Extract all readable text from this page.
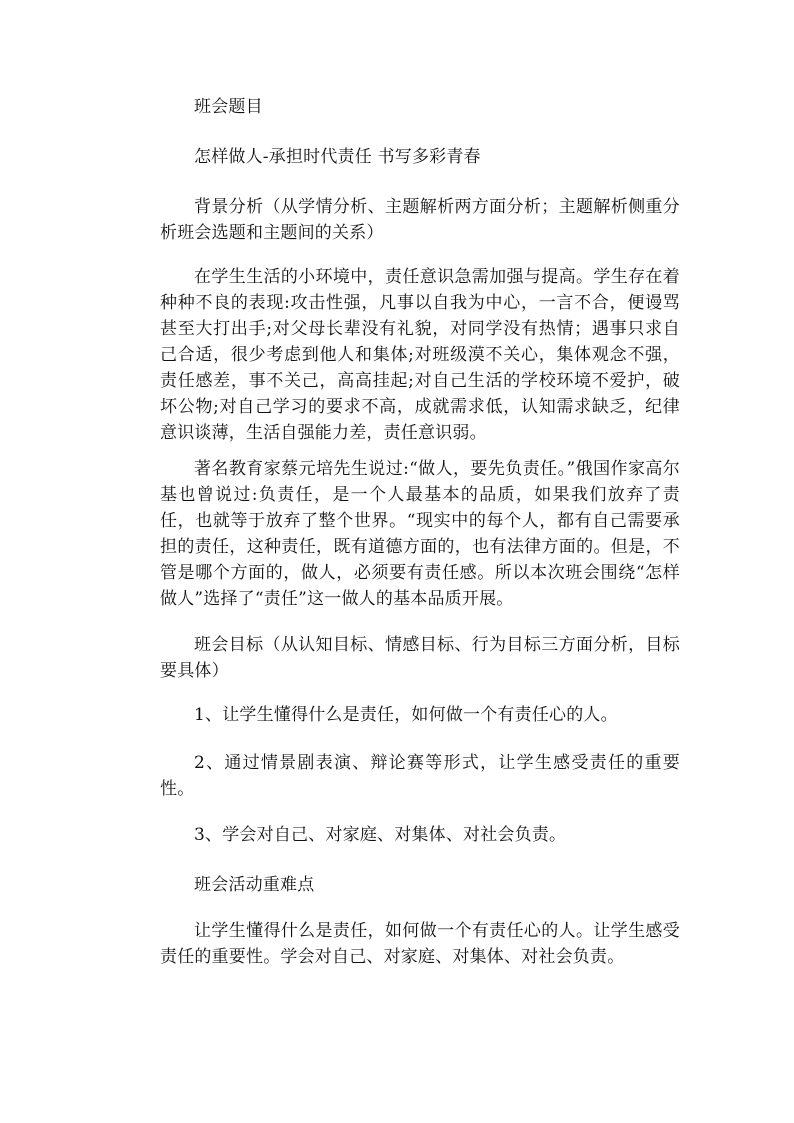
班会题目

怎样做人-承担时代责任 书写多彩青春

背景分析（从学情分析、主题解析两方面分析；主题解析侧重分析班会选题和主题间的关系）

在学生生活的小环境中，责任意识急需加强与提高。学生存在着种种不良的表现:攻击性强，凡事以自我为中心，一言不合，便谩骂甚至大打出手;对父母长辈没有礼貌，对同学没有热情；遇事只求自己合适，很少考虑到他人和集体;对班级漠不关心，集体观念不强，责任感差，事不关己，高高挂起;对自己生活的学校环境不爱护，破坏公物;对自己学习的要求不高，成就需求低，认知需求缺乏，纪律意识谈薄，生活自强能力差，责任意识弱。

著名教育家蔡元培先生说过:“做人，要先负责任。”俄国作家高尔基也曾说过:负责任，是一个人最基本的品质，如果我们放弃了责任，也就等于放弃了整个世界。“现实中的每个人，都有自己需要承担的责任，这种责任，既有道德方面的，也有法律方面的。但是，不管是哪个方面的，做人，必须要有责任感。所以本次班会围绕“怎样做人”选择了“责任”这一做人的基本品质开展。

班会目标（从认知目标、情感目标、行为目标三方面分析，目标要具体）

1、让学生懂得什么是责任，如何做一个有责任心的人。

2、通过情景剧表演、辩论赛等形式，让学生感受责任的重要性。

3、学会对自己、对家庭、对集体、对社会负责。

班会活动重难点

让学生懂得什么是责任，如何做一个有责任心的人。让学生感受责任的重要性。学会对自己、对家庭、对集体、对社会负责。
